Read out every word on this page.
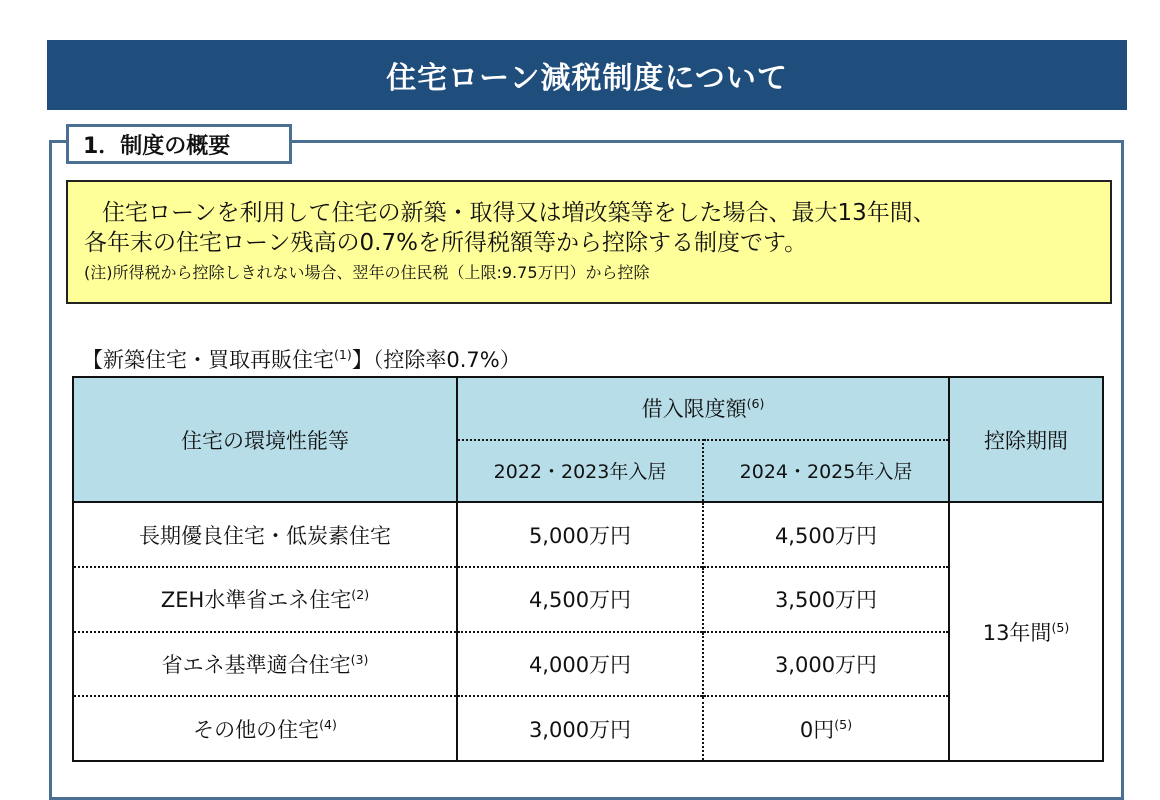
住宅ローン減税制度について
1．制度の概要
住宅ローンを利用して住宅の新築・取得又は増改築等をした場合、最大13年間、
各年末の住宅ローン残高の0.7%を所得税額等から控除する制度です。
(注)所得税から控除しきれない場合、翌年の住民税（上限:9.75万円）から控除
【新築住宅・買取再販住宅$^{(1)}$】（控除率0.7%）
住宅の環境性能等	借入限度額$^{(6)}$		控除期間
	2022・2023年入居	2024・2025年入居	
長期優良住宅・低炭素住宅	5,000万円	4,500万円	13年間$^{(5)}$
ZEH水準省エネ住宅$^{(2)}$	4,500万円	3,500万円	
省エネ基準適合住宅$^{(3)}$	4,000万円	3,000万円	
その他の住宅$^{(4)}$	3,000万円	0円$^{(5)}$
